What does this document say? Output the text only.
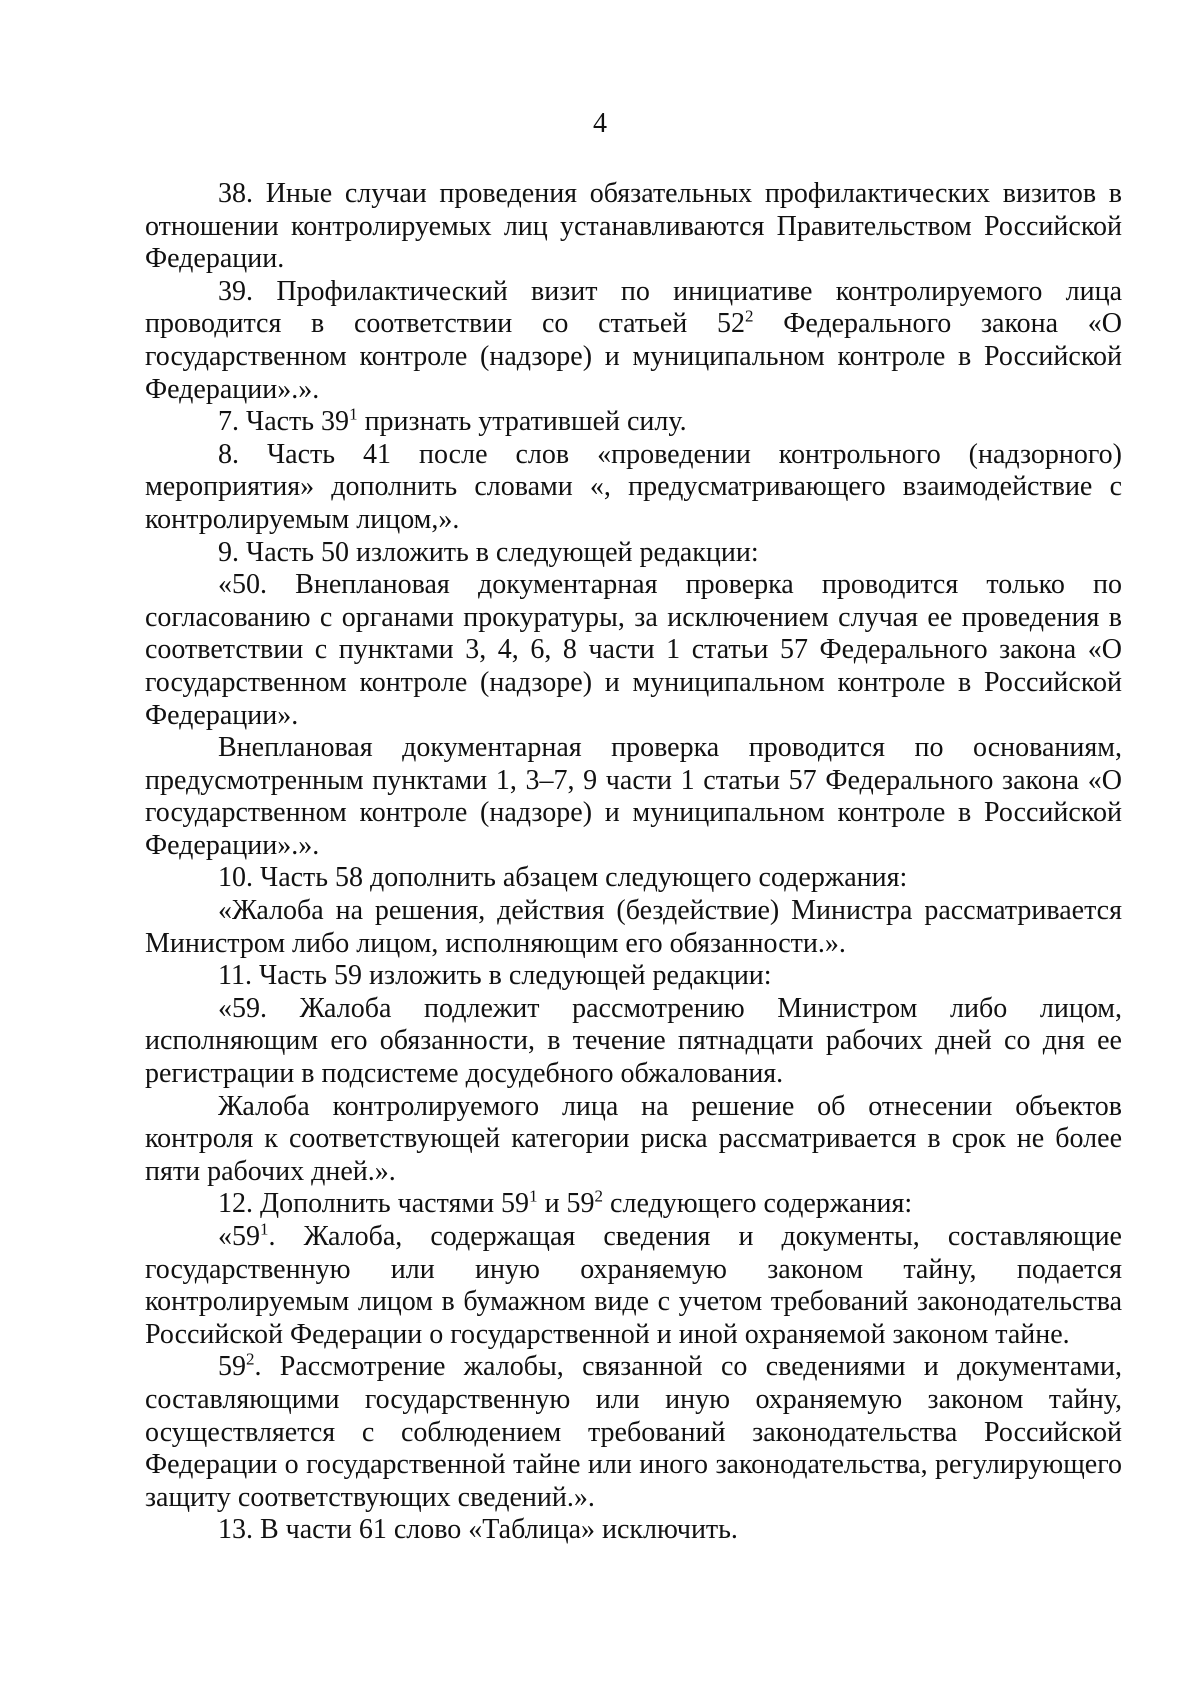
4

38. Иные случаи проведения обязательных профилактических визитов в отношении контролируемых лиц устанавливаются Правительством Российской Федерации.

39. Профилактический визит по инициативе контролируемого лица проводится в соответствии со статьей $52^2$ Федерального закона «О государственном контроле (надзоре) и муниципальном контроле в Российской Федерации».».

7. Часть $39^1$ признать утратившей силу.

8. Часть 41 после слов «проведении контрольного (надзорного) мероприятия» дополнить словами «, предусматривающего взаимодействие с контролируемым лицом,».

9. Часть 50 изложить в следующей редакции:

«50. Внеплановая документарная проверка проводится только по согласованию с органами прокуратуры, за исключением случая ее проведения в соответствии с пунктами 3, 4, 6, 8 части 1 статьи 57 Федерального закона «О государственном контроле (надзоре) и муниципальном контроле в Российской Федерации».

Внеплановая документарная проверка проводится по основаниям, предусмотренным пунктами 1, 3–7, 9 части 1 статьи 57 Федерального закона «О государственном контроле (надзоре) и муниципальном контроле в Российской Федерации».».

10. Часть 58 дополнить абзацем следующего содержания:

«Жалоба на решения, действия (бездействие) Министра рассматривается Министром либо лицом, исполняющим его обязанности.».

11. Часть 59 изложить в следующей редакции:

«59. Жалоба подлежит рассмотрению Министром либо лицом, исполняющим его обязанности, в течение пятнадцати рабочих дней со дня ее регистрации в подсистеме досудебного обжалования.

Жалоба контролируемого лица на решение об отнесении объектов контроля к соответствующей категории риска рассматривается в срок не более пяти рабочих дней.».

12. Дополнить частями $59^1$ и $59^2$ следующего содержания:

«$59^1$. Жалоба, содержащая сведения и документы, составляющие государственную или иную охраняемую законом тайну, подается контролируемым лицом в бумажном виде с учетом требований законодательства Российской Федерации о государственной и иной охраняемой законом тайне.

$59^2$. Рассмотрение жалобы, связанной со сведениями и документами, составляющими государственную или иную охраняемую законом тайну, осуществляется с соблюдением требований законодательства Российской Федерации о государственной тайне или иного законодательства, регулирующего защиту соответствующих сведений.».

13. В части 61 слово «Таблица» исключить.
